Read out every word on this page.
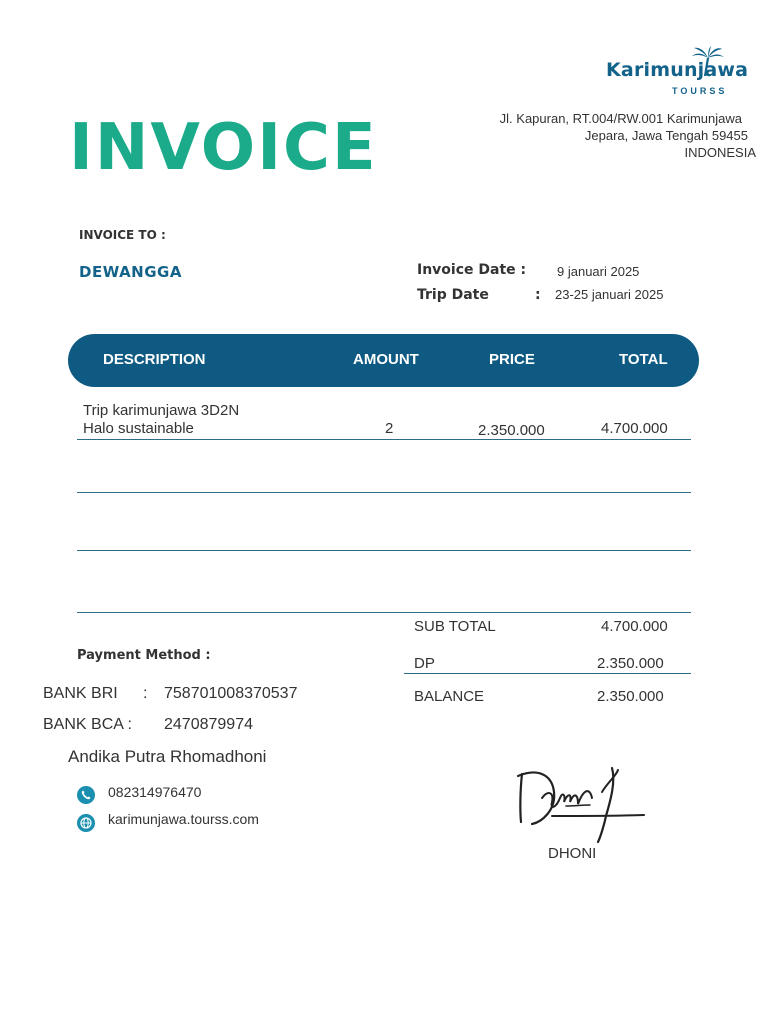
Karimunjawa
TOURSS
Jl. Kapuran, RT.004/RW.001 Karimunjawa
Jepara, Jawa Tengah 59455
INDONESIA
INVOICE
INVOICE TO :
DEWANGGA	Invoice Date : 9 januari 2025
Trip Date	: 23-25 januari 2025
DESCRIPTION	AMOUNT	PRICE	TOTAL
Trip karimunjawa 3D2N
Halo sustainable	2	2.350.000	4.700.000
SUB TOTAL	4.700.000
DP	2.350.000
BALANCE	2.350.000
Payment Method :
BANK BRI : 758701008370537
BANK BCA : 2470879974
Andika Putra Rhomadhoni
082314976470
karimunjawa.tourss.com
DHONI
